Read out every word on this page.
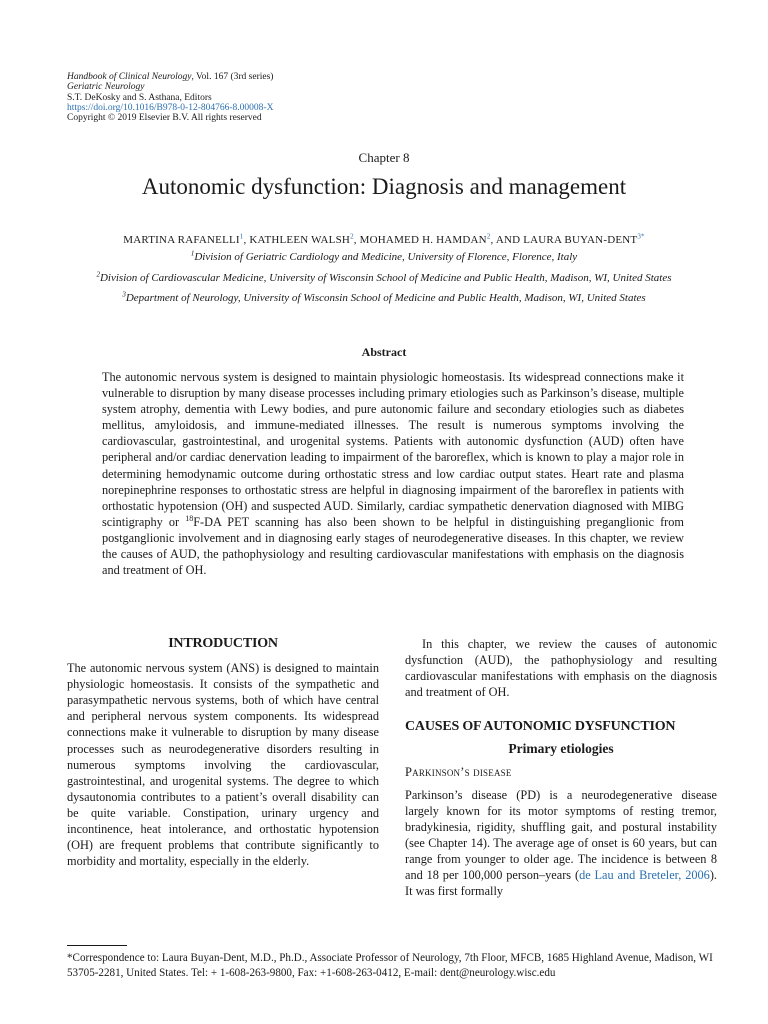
Handbook of Clinical Neurology, Vol. 167 (3rd series)
Geriatric Neurology
S.T. DeKosky and S. Asthana, Editors
https://doi.org/10.1016/B978-0-12-804766-8.00008-X
Copyright © 2019 Elsevier B.V. All rights reserved
Chapter 8
Autonomic dysfunction: Diagnosis and management
MARTINA RAFANELLI$^1$, KATHLEEN WALSH$^2$, MOHAMED H. HAMDAN$^2$, AND LAURA BUYAN-$DENT^{3*}$
$^1$Division of Geriatric Cardiology and Medicine, University of Florence, Florence, Italy
$^2$Division of Cardiovascular Medicine, University of Wisconsin School of Medicine and Public Health, Madison, WI, United States
$^3$Department of Neurology, University of Wisconsin School of Medicine and Public Health, Madison, WI, United States
Abstract
The autonomic nervous system is designed to maintain physiologic homeostasis. Its widespread connections make it vulnerable to disruption by many disease processes including primary etiologies such as Parkinson’s disease, multiple system atrophy, dementia with Lewy bodies, and pure autonomic failure and secondary etiologies such as diabetes mellitus, amyloidosis, and immune-mediated illnesses. The result is numerous symptoms involving the cardiovascular, gastrointestinal, and urogenital systems. Patients with autonomic dysfunction (AUD) often have peripheral and/or cardiac denervation leading to impairment of the baroreflex, which is known to play a major role in determining hemodynamic outcome during orthostatic stress and low cardiac output states. Heart rate and plasma norepinephrine responses to orthostatic stress are helpful in diagnosing impairment of the baroreflex in patients with orthostatic hypotension (OH) and suspected AUD. Similarly, cardiac sympathetic denervation diagnosed with MIBG scintigraphy or $^{18}$F-DA PET scanning has also been shown to be helpful in distinguishing preganglionic from postganglionic involvement and in diagnosing early stages of neurodegenerative diseases. In this chapter, we review the causes of AUD, the pathophysiology and resulting cardiovascular manifestations with emphasis on the diagnosis and treatment of OH.
INTRODUCTION
The autonomic nervous system (ANS) is designed to maintain physiologic homeostasis. It consists of the sympathetic and parasympathetic nervous systems, both of which have central and peripheral nervous system components. Its widespread connections make it vulnerable to disruption by many disease processes such as neurodegenerative disorders resulting in numerous symptoms involving the cardiovascular, gastrointestinal, and urogenital systems. The degree to which dysautonomia contributes to a patient’s overall disability can be quite variable. Constipation, urinary urgency and incontinence, heat intolerance, and orthostatic hypotension (OH) are frequent problems that contribute significantly to morbidity and mortality, especially in the elderly.
In this chapter, we review the causes of autonomic dysfunction (AUD), the pathophysiology and resulting cardiovascular manifestations with emphasis on the diagnosis and treatment of OH.
CAUSES OF AUTONOMIC DYSFUNCTION
Primary etiologies
Parkinson’s disease
Parkinson’s disease (PD) is a neurodegenerative disease largely known for its motor symptoms of resting tremor, bradykinesia, rigidity, shuffling gait, and postural instability (see Chapter 14). The average age of onset is 60 years, but can range from younger to older age. The incidence is between 8 and 18 per 100,000 person–years (de Lau and Breteler, 2006). It was first formally
*Correspondence to: Laura Buyan-Dent, M.D., Ph.D., Associate Professor of Neurology, 7th Floor, MFCB, 1685 Highland Avenue, Madison, WI 53705-2281, United States. Tel: + 1-608-263-9800, Fax: +1-608-263-0412, E-mail: dent@neurology.wisc.edu
